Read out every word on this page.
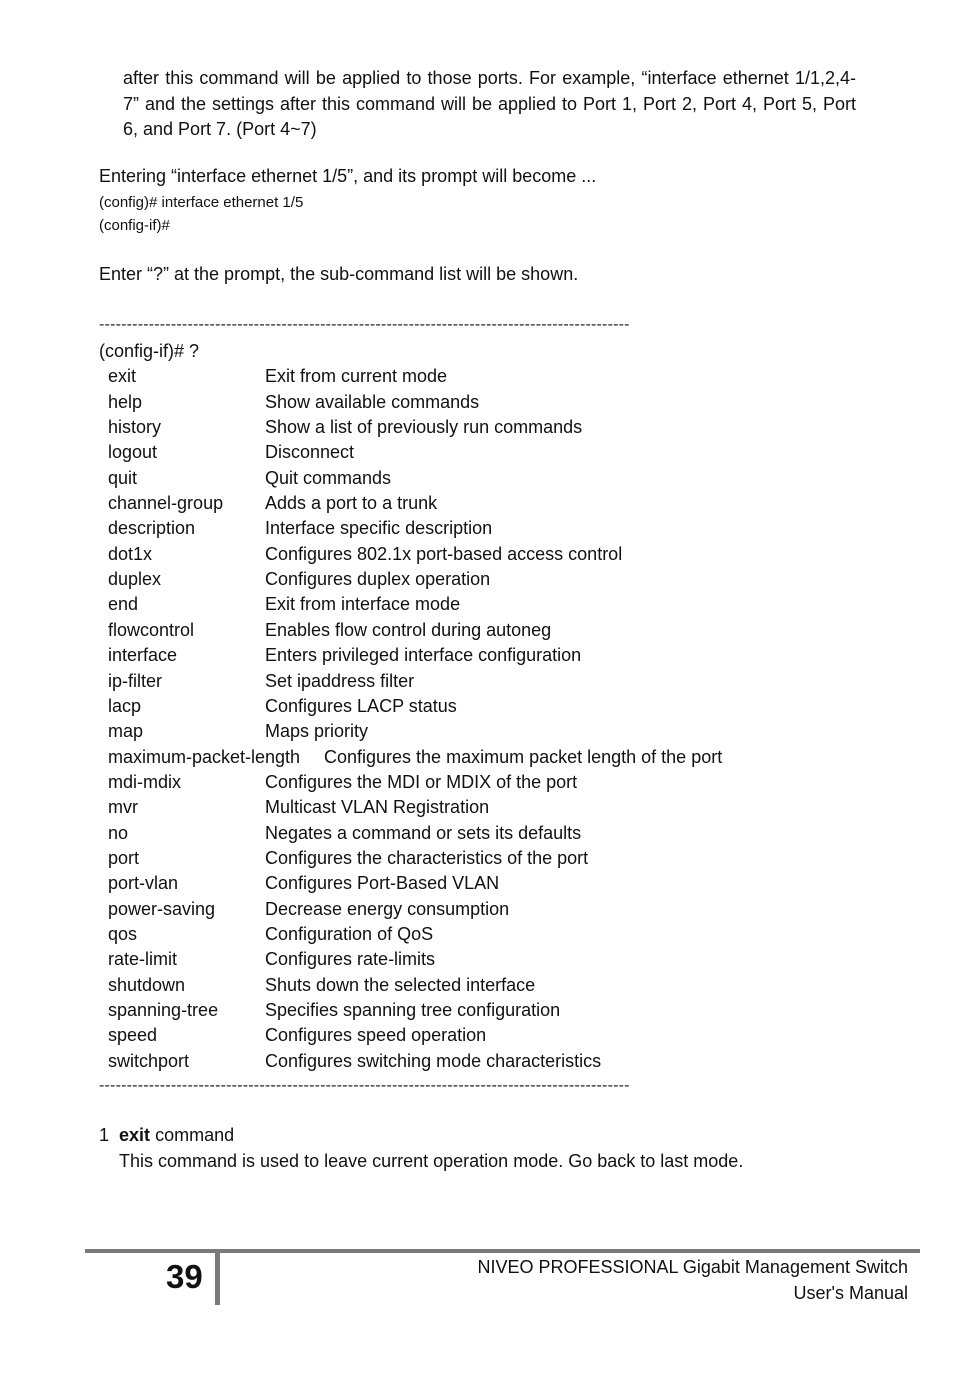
after this command will be applied to those ports. For example, “interface ethernet 1/1,2,4-7” and the settings after this command will be applied to Port 1, Port 2, Port 4, Port 5, Port 6, and Port 7. (Port 4~7)
Entering “interface ethernet 1/5”, and its prompt will become ...
(config)# interface ethernet 1/5
(config-if)#
Enter “?” at the prompt, the sub-command list will be shown.
------------------------------------------------------------------------------------------------
(config-if)# ?
exit	Exit from current mode
help	Show available commands
history	Show a list of previously run commands
logout	Disconnect
quit	Quit commands
channel-group Adds a port to a trunk
description	Interface specific description
dot1x	Configures 802.1x port-based access control
duplex	Configures duplex operation
end	Exit from interface mode
flowcontrol	Enables flow control during autoneg
interface	Enters privileged interface configuration
ip-filter	Set ipaddress filter
lacp	Configures LACP status
map	Maps priority
maximum-packet-length Configures the maximum packet length of the port
mdi-mdix	Configures the MDI or MDIX of the port
mvr	Multicast VLAN Registration
no	Negates a command or sets its defaults
port	Configures the characteristics of the port
port-vlan	Configures Port-Based VLAN
power-saving	Decrease energy consumption
qos	Configuration of QoS
rate-limit	Configures rate-limits
shutdown	Shuts down the selected interface
spanning-tree	Specifies spanning tree configuration
speed	Configures speed operation
switchport	Configures switching mode characteristics
------------------------------------------------------------------------------------------------
1 exit command
This command is used to leave current operation mode. Go back to last mode.
39	NIVEO PROFESSIONAL Gigabit Management Switch
User's Manual
